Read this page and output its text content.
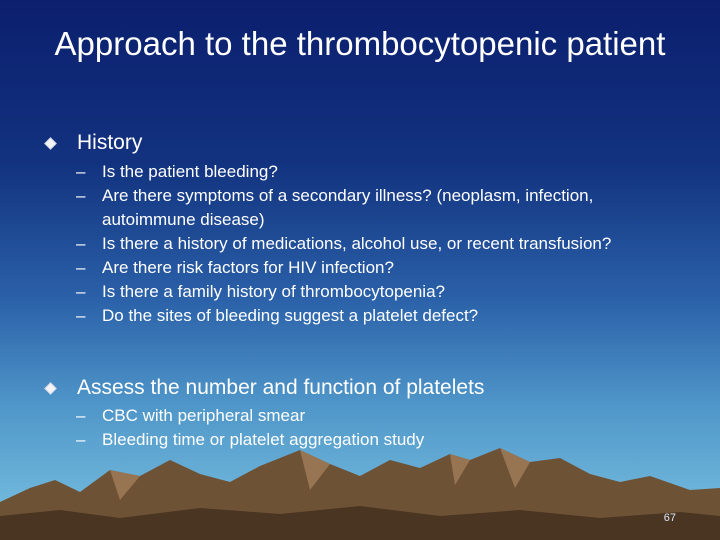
Approach to the thrombocytopenic patient
History
– Is the patient bleeding?
– Are there symptoms of a secondary illness? (neoplasm, infection, autoimmune disease)
– Is there a history of medications, alcohol use, or recent transfusion?
– Are there risk factors for HIV infection?
– Is there a family history of thrombocytopenia?
– Do the sites of bleeding suggest a platelet defect?
Assess the number and function of platelets
– CBC with peripheral smear
– Bleeding time or platelet aggregation study
67
